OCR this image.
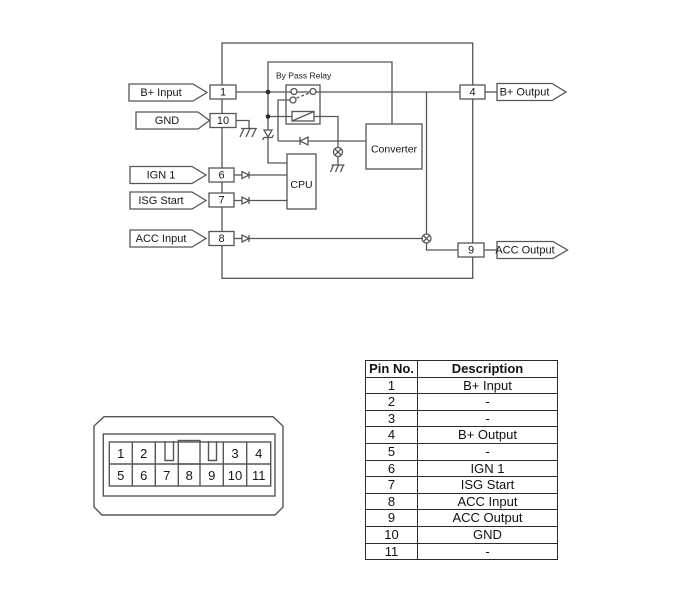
B+ Input
GND
IGN 1
ISG Start
ACC Input
B+ Output
ACC Output
1
10
6
7
8
4
9
By Pass Relay
Converter
CPU
1 2	3 4
5 6 7 8 9 10 11
Pin No.	Description
1	B+ Input
2	-
3	-
4	B+ Output
5	-
6	IGN 1
7	ISG Start
8	ACC Input
9	ACC Output
10	GND
11	-
